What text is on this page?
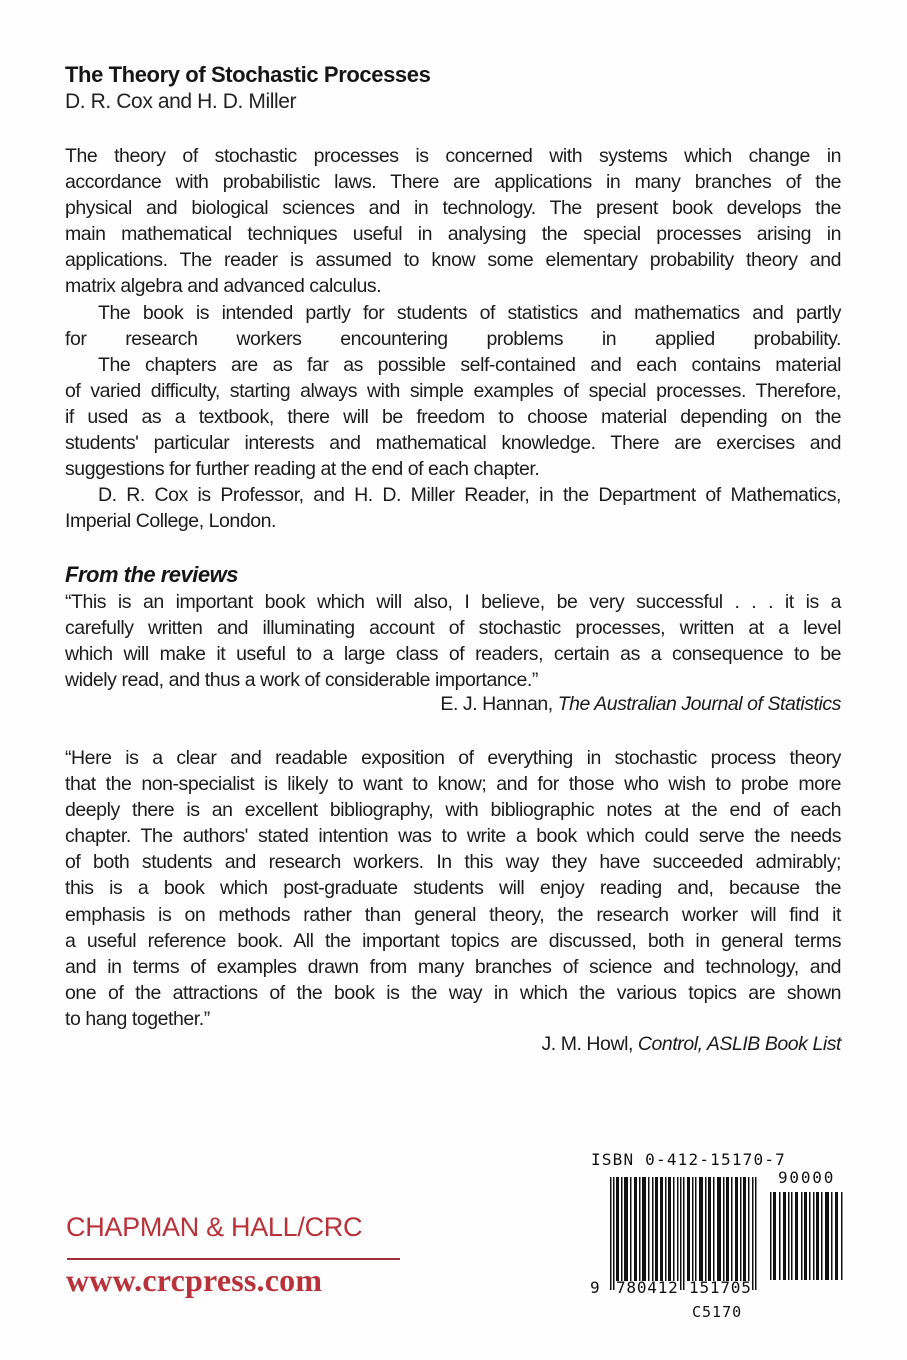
The Theory of Stochastic Processes
D. R. Cox and H. D. Miller
The theory of stochastic processes is concerned with systems which change in
accordance with probabilistic laws. There are applications in many branches of the
physical and biological sciences and in technology. The present book develops the
main mathematical techniques useful in analysing the special processes arising in
applications. The reader is assumed to know some elementary probability theory and
matrix algebra and advanced calculus.
The book is intended partly for students of statistics and mathematics and partly
for research workers encountering problems in applied probability.
The chapters are as far as possible self-contained and each contains material
of varied difficulty, starting always with simple examples of special processes. Therefore,
if used as a textbook, there will be freedom to choose material depending on the
students' particular interests and mathematical knowledge. There are exercises and
suggestions for further reading at the end of each chapter.
D. R. Cox is Professor, and H. D. Miller Reader, in the Department of Mathematics,
Imperial College, London.
From the reviews
“This is an important book which will also, I believe, be very successful . . . it is a
carefully written and illuminating account of stochastic processes, written at a level
which will make it useful to a large class of readers, certain as a consequence to be
widely read, and thus a work of considerable importance.”
E. J. Hannan, The Australian Journal of Statistics
“Here is a clear and readable exposition of everything in stochastic process theory
that the non-specialist is likely to want to know; and for those who wish to probe more
deeply there is an excellent bibliography, with bibliographic notes at the end of each
chapter. The authors' stated intention was to write a book which could serve the needs
of both students and research workers. In this way they have succeeded admirably;
this is a book which post-graduate students will enjoy reading and, because the
emphasis is on methods rather than general theory, the research worker will find it
a useful reference book. All the important topics are discussed, both in general terms
and in terms of examples drawn from many branches of science and technology, and
one of the attractions of the book is the way in which the various topics are shown
to hang together.”
J. M. Howl, Control, ASLIB Book List
CHAPMAN & HALL/CRC
www.crcpress.com
ISBN 0-412-15170-7
90000
9 780412 151705
C5170
